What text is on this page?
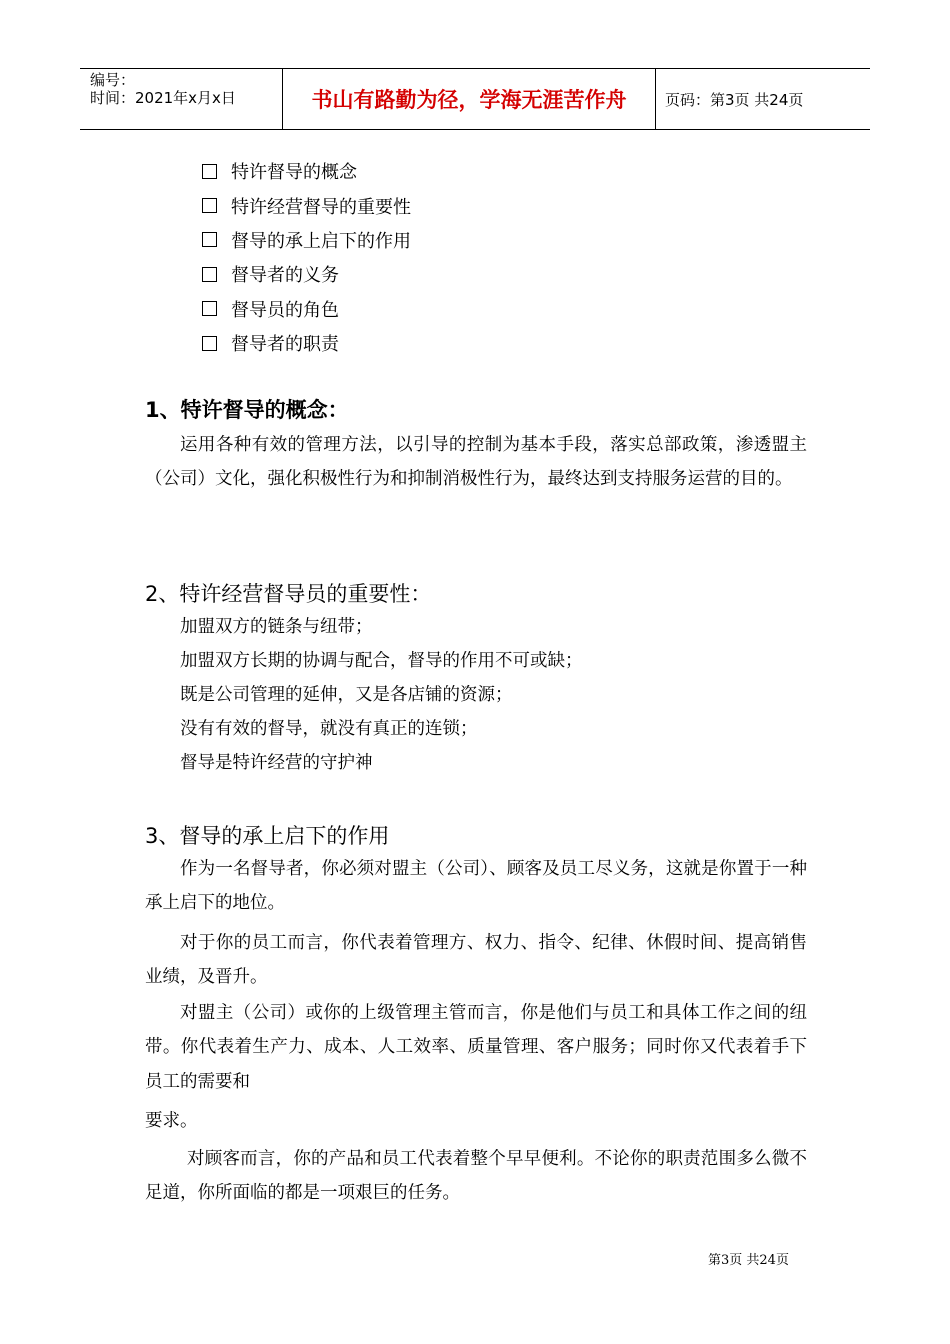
编号：
时间：2021年x月x日	书山有路勤为径，学海无涯苦作舟	页码：第3页 共24页
特许督导的概念
特许经营督导的重要性
督导的承上启下的作用
督导者的义务
督导员的角色
督导者的职责
1、特许督导的概念：

运用各种有效的管理方法，以引导的控制为基本手段，落实总部政策，渗透盟主（公司）文化，强化积极性行为和抑制消极性行为，最终达到支持服务运营的目的。

2、特许经营督导员的重要性：

加盟双方的链条与纽带；

加盟双方长期的协调与配合，督导的作用不可或缺；

既是公司管理的延伸，又是各店铺的资源；

没有有效的督导，就没有真正的连锁；

督导是特许经营的守护神

3、督导的承上启下的作用

作为一名督导者，你必须对盟主（公司）、顾客及员工尽义务，这就是你置于一种承上启下的地位。

对于你的员工而言，你代表着管理方、权力、指令、纪律、休假时间、提高销售业绩，及晋升。

对盟主（公司）或你的上级管理主管而言，你是他们与员工和具体工作之间的纽带。你代表着生产力、成本、人工效率、质量管理、客户服务；同时你又代表着手下员工的需要和

要求。

对顾客而言，你的产品和员工代表着整个早早便利。不论你的职责范围多么微不足道，你所面临的都是一项艰巨的任务。

第3页 共24页
